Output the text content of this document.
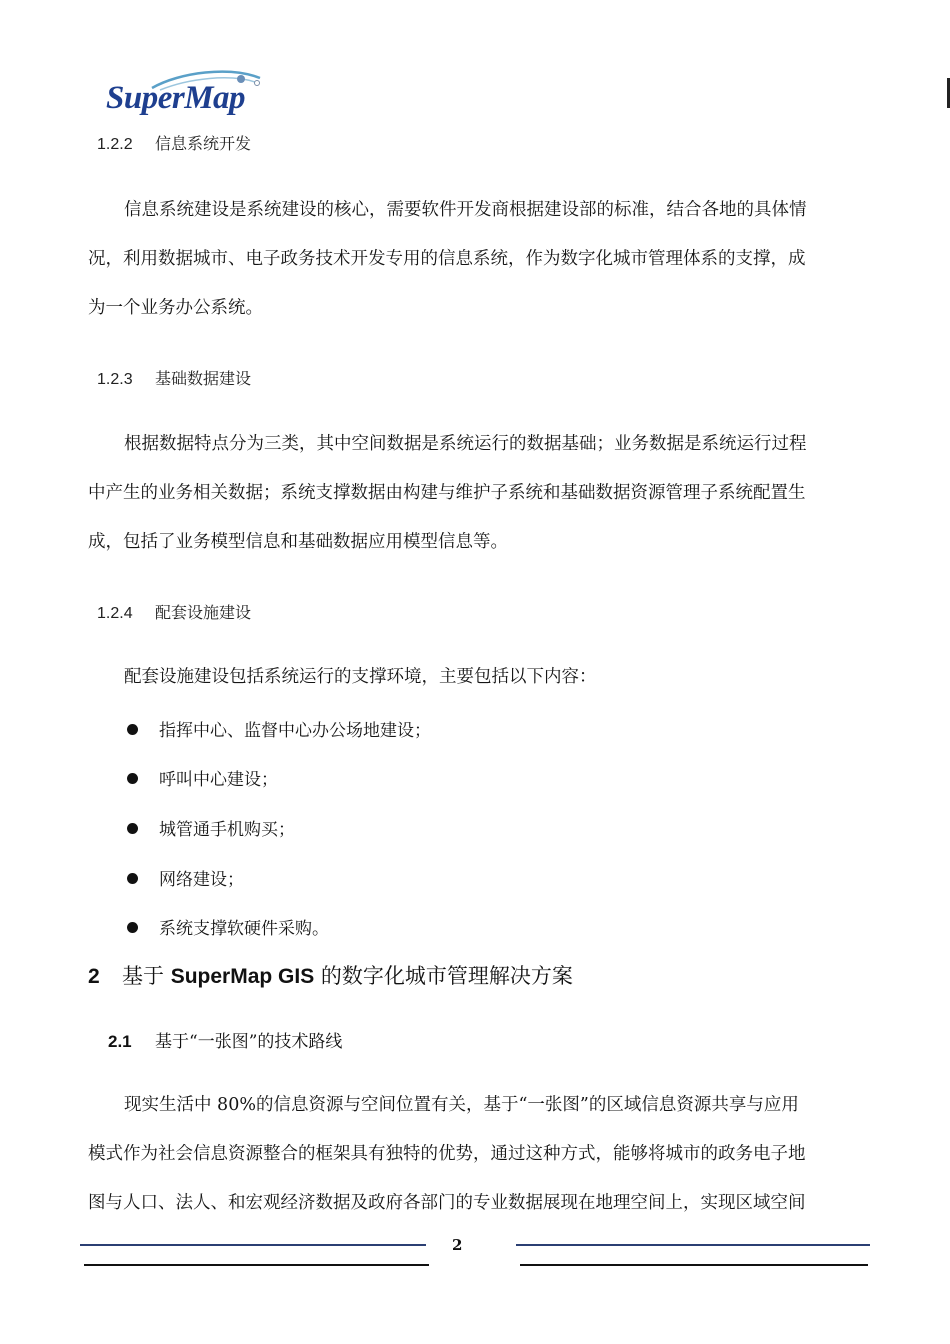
SuperMap
1.2.2 信息系统开发
信息系统建设是系统建设的核心，需要软件开发商根据建设部的标准，结合各地的具体情
况，利用数据城市、电子政务技术开发专用的信息系统，作为数字化城市管理体系的支撑，成
为一个业务办公系统。
1.2.3 基础数据建设
根据数据特点分为三类，其中空间数据是系统运行的数据基础；业务数据是系统运行过程
中产生的业务相关数据；系统支撑数据由构建与维护子系统和基础数据资源管理子系统配置生
成，包括了业务模型信息和基础数据应用模型信息等。
1.2.4 配套设施建设
配套设施建设包括系统运行的支撑环境，主要包括以下内容：
指挥中心、监督中心办公场地建设；
呼叫中心建设；
城管通手机购买；
网络建设；
系统支撑软硬件采购。
2 基于 SuperMap GIS 的数字化城市管理解决方案
2.1 基于“一张图”的技术路线
现实生活中 80%的信息资源与空间位置有关，基于“一张图”的区域信息资源共享与应用
模式作为社会信息资源整合的框架具有独特的优势，通过这种方式，能够将城市的政务电子地
图与人口、法人、和宏观经济数据及政府各部门的专业数据展现在地理空间上，实现区域空间
2
